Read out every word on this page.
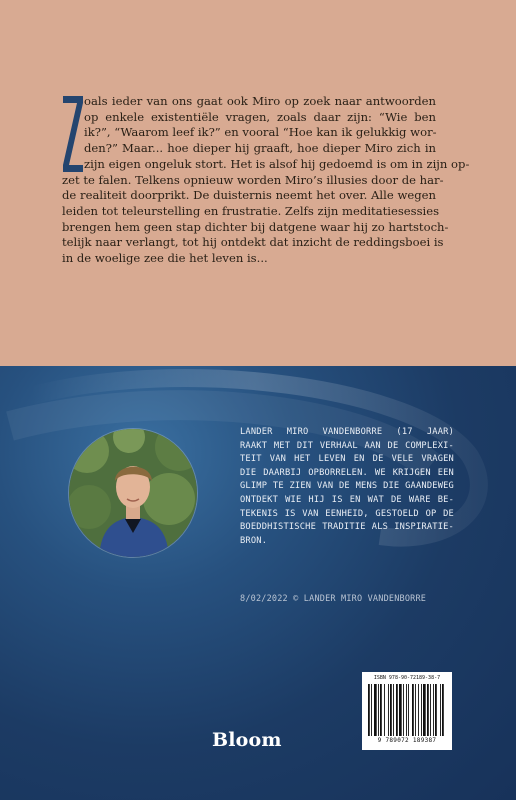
oals ieder van ons gaat ook Miro op zoek naar antwoorden
op enkele existentiële vragen, zoals daar zijn: “Wie ben
ik?”, “Waarom leef ik?” en vooral “Hoe kan ik gelukkig wor-
den?” Maar... hoe dieper hij graaft, hoe dieper Miro zich in
zijn eigen ongeluk stort. Het is alsof hij gedoemd is om in zijn op-
zet te falen. Telkens opnieuw worden Miro’s illusies door de har-
de realiteit doorprikt. De duisternis neemt het over. Alle wegen
leiden tot teleurstelling en frustratie. Zelfs zijn meditatiesessies
brengen hem geen stap dichter bij datgene waar hij zo hartstoch-
telijk naar verlangt, tot hij ontdekt dat inzicht de reddingsboei is
in de woelige zee die het leven is...

LANDER MIRO VANDENBORRE (17 JAAR)
RAAKT MET DIT VERHAAL AAN DE COMPLEXI-
TEIT VAN HET LEVEN EN DE VELE VRAGEN
DIE DAARBIJ OPBORRELEN. WE KRIJGEN EEN
GLIMP TE ZIEN VAN DE MENS DIE GAANDEWEG
ONTDEKT WIE HIJ IS EN WAT DE WARE BE-
TEKENIS IS VAN EENHEID, GESTOELD OP DE
BOEDDHISTISCHE TRADITIE ALS INSPIRATIE-
BRON.

8/02/2022 © LANDER MIRO VANDENBORRE
Bloom
ISBN 978-90-72189-38-7
9 789072 189387
